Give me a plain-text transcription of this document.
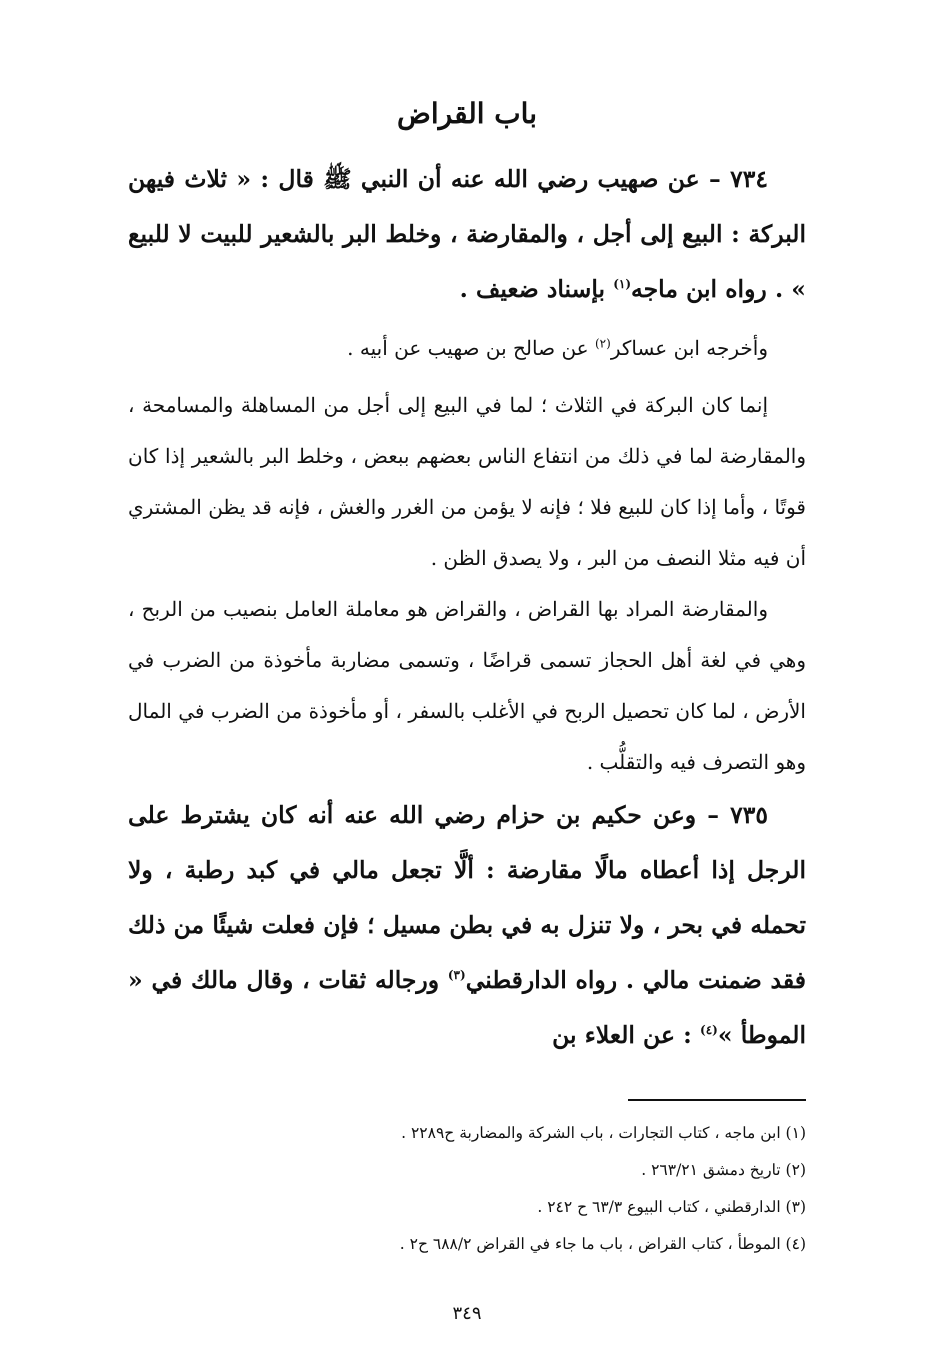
باب القراض

٧٣٤ – عن صهيب رضي الله عنه أن النبي ﷺ قال : « ثلاث فيهن البركة : البيع إلى أجل ، والمقارضة ، وخلط البر بالشعير للبيت لا للبيع » . رواه ابن ماجه$^{(١)}$ بإسناد ضعيف .

وأخرجه ابن عساكر$^{(٢)}$ عن صالح بن صهيب عن أبيه .

إنما كان البركة في الثلاث ؛ لما في البيع إلى أجل من المساهلة والمسامحة ، والمقارضة لما في ذلك من انتفاع الناس بعضهم ببعض ، وخلط البر بالشعير إذا كان قوتًا ، وأما إذا كان للبيع فلا ؛ فإنه لا يؤمن من الغرر والغش ، فإنه قد يظن المشتري أن فيه مثلا النصف من البر ، ولا يصدق الظن .

والمقارضة المراد بها القراض ، والقراض هو معاملة العامل بنصيب من الربح ، وهي في لغة أهل الحجاز تسمى قراضًا ، وتسمى مضاربة مأخوذة من الضرب في الأرض ، لما كان تحصيل الربح في الأغلب بالسفر ، أو مأخوذة من الضرب في المال وهو التصرف فيه والتقلُّب .

٧٣٥ – وعن حكيم بن حزام رضي الله عنه أنه كان يشترط على الرجل إذا أعطاه مالًا مقارضة : ألَّا تجعل مالي في كبد رطبة ، ولا تحمله في بحر ، ولا تنزل به في بطن مسيل ؛ فإن فعلت شيئًا من ذلك فقد ضمنت مالي . رواه الدارقطني$^{(٣)}$ ورجاله ثقات ، وقال مالك في « الموطأ »$^{(٤)}$ : عن العلاء بن

(١) ابن ماجه ، كتاب التجارات ، باب الشركة والمضاربة ح٢٢٨٩ .
(٢) تاريخ دمشق ٢٦٣/٢١ .
(٣) الدارقطني ، كتاب البيوع ٦٣/٣ ح ٢٤٢ .
(٤) الموطأ ، كتاب القراض ، باب ما جاء في القراض ٦٨٨/٢ ح٢ .
٣٤٩
